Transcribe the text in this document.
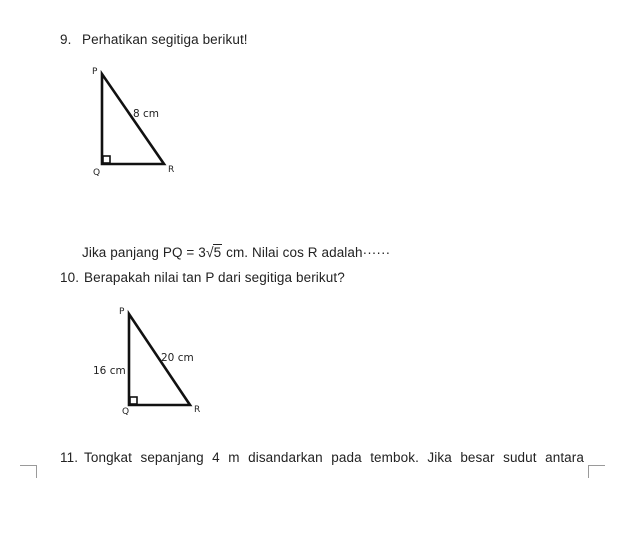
9. Perhatikan segitiga berikut!
P
Q	R
8 cm
Jika panjang PQ = 3√5 cm. Nilai cos R adalah······
10. Berapakah nilai tan P dari segitiga berikut?
P
Q	R
16 cm
20 cm
11. Tongkat sepanjang 4 m disandarkan pada tembok. Jika besar sudut antara
